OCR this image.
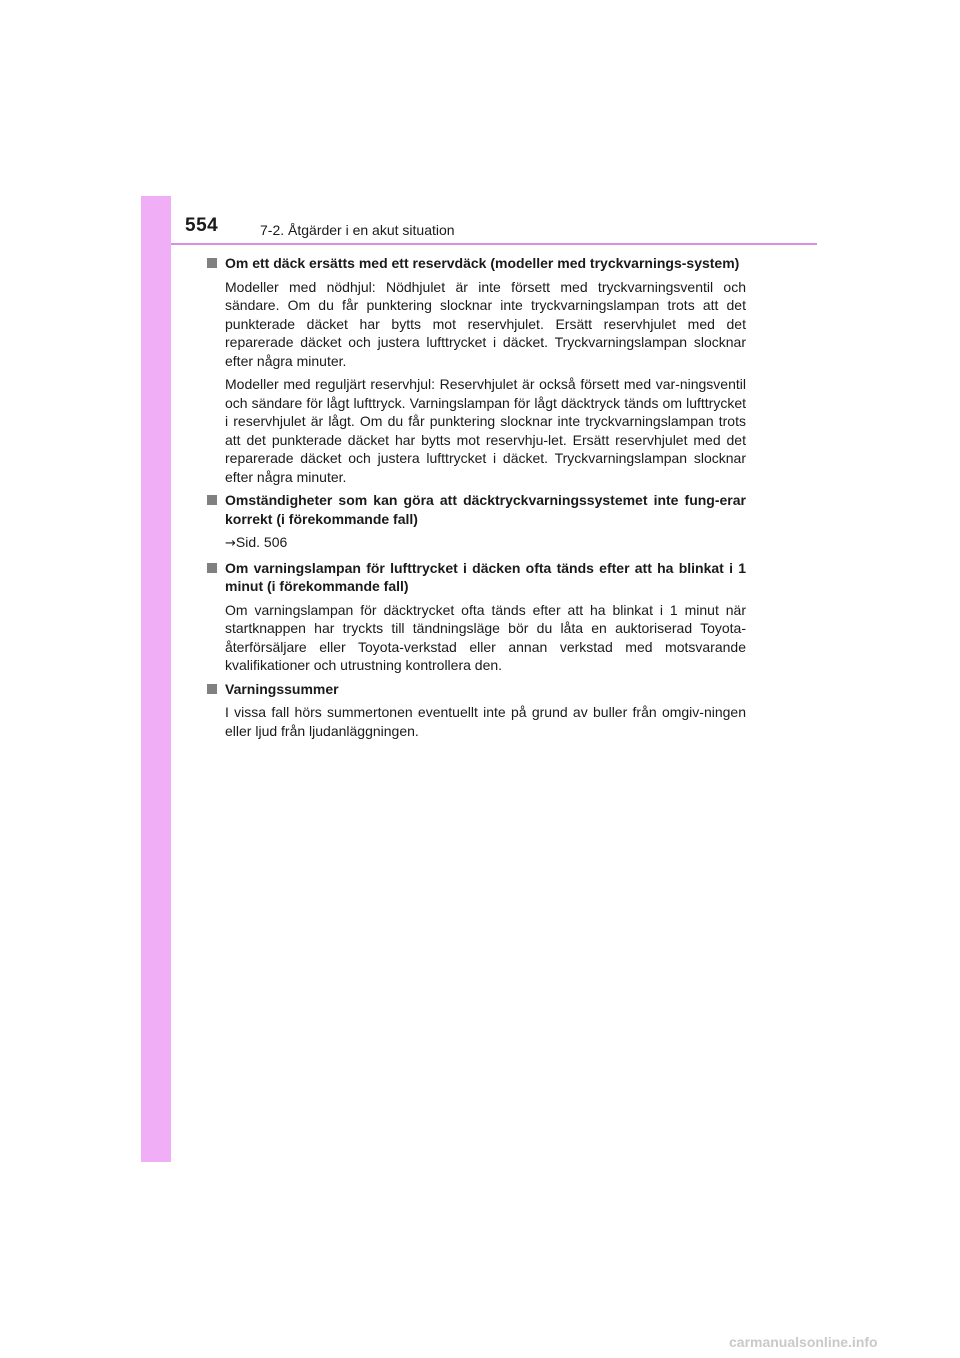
554	7-2. Åtgärder i en akut situation

Om ett däck ersätts med ett reservdäck (modeller med tryckvarnings-system)

Modeller med nödhjul: Nödhjulet är inte försett med tryckvarningsventil och sändare. Om du får punktering slocknar inte tryckvarningslampan trots att det punkterade däcket har bytts mot reservhjulet. Ersätt reservhjulet med det reparerade däcket och justera lufttrycket i däcket. Tryckvarningslampan slocknar efter några minuter.

Modeller med reguljärt reservhjul: Reservhjulet är också försett med var-ningsventil och sändare för lågt lufttryck. Varningslampan för lågt däcktryck tänds om lufttrycket i reservhjulet är lågt. Om du får punktering slocknar inte tryckvarningslampan trots att det punkterade däcket har bytts mot reservhju-let. Ersätt reservhjulet med det reparerade däcket och justera lufttrycket i däcket. Tryckvarningslampan slocknar efter några minuter.

Omständigheter som kan göra att däcktryckvarningssystemet inte fung-erar korrekt (i förekommande fall)

→Sid. 506

Om varningslampan för lufttrycket i däcken ofta tänds efter att ha blinkat i 1 minut (i förekommande fall)

Om varningslampan för däcktrycket ofta tänds efter att ha blinkat i 1 minut när startknappen har tryckts till tändningsläge bör du låta en auktoriserad Toyota-återförsäljare eller Toyota-verkstad eller annan verkstad med motsvarande kvalifikationer och utrustning kontrollera den.

Varningssummer

I vissa fall hörs summertonen eventuellt inte på grund av buller från omgiv-ningen eller ljud från ljudanläggningen.

carmanualsonline.info
